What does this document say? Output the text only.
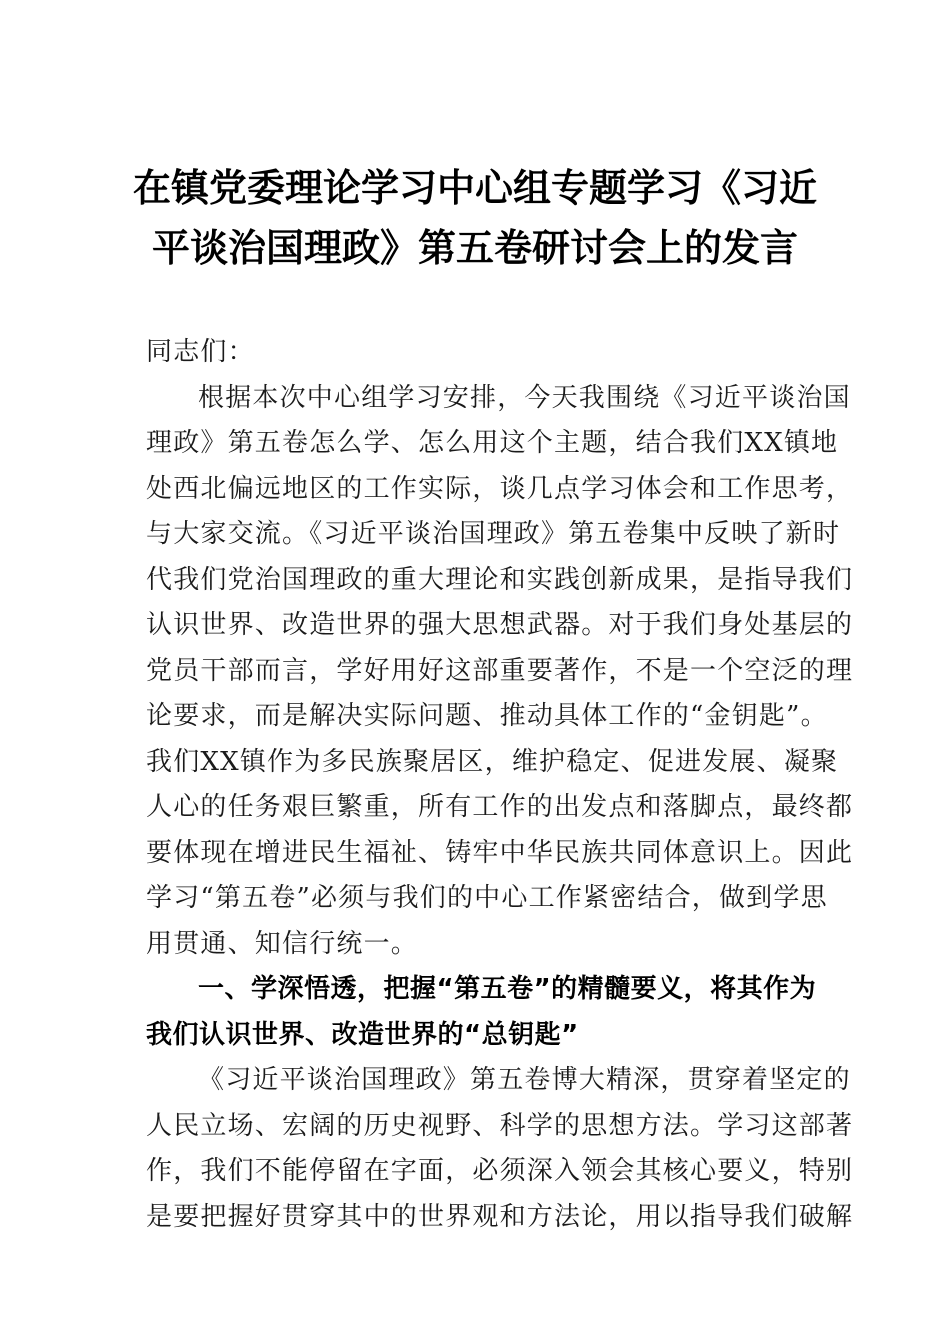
在镇党委理论学习中心组专题学习《习近
平谈治国理政》第五卷研讨会上的发言
同志们：
根据本次中心组学习安排，今天我围绕《习近平谈治国
理政》第五卷怎么学、怎么用这个主题，结合我们XX镇地
处西北偏远地区的工作实际，谈几点学习体会和工作思考，
与大家交流。《习近平谈治国理政》第五卷集中反映了新时
代我们党治国理政的重大理论和实践创新成果，是指导我们
认识世界、改造世界的强大思想武器。对于我们身处基层的
党员干部而言，学好用好这部重要著作，不是一个空泛的理
论要求，而是解决实际问题、推动具体工作的“金钥匙”。
我们XX镇作为多民族聚居区，维护稳定、促进发展、凝聚
人心的任务艰巨繁重，所有工作的出发点和落脚点，最终都
要体现在增进民生福祉、铸牢中华民族共同体意识上。因此
学习“第五卷”必须与我们的中心工作紧密结合，做到学思
用贯通、知信行统一。
一、学深悟透，把握“第五卷”的精髓要义，将其作为
我们认识世界、改造世界的“总钥匙”
《习近平谈治国理政》第五卷博大精深，贯穿着坚定的
人民立场、宏阔的历史视野、科学的思想方法。学习这部著
作，我们不能停留在字面，必须深入领会其核心要义，特别
是要把握好贯穿其中的世界观和方法论，用以指导我们破解
